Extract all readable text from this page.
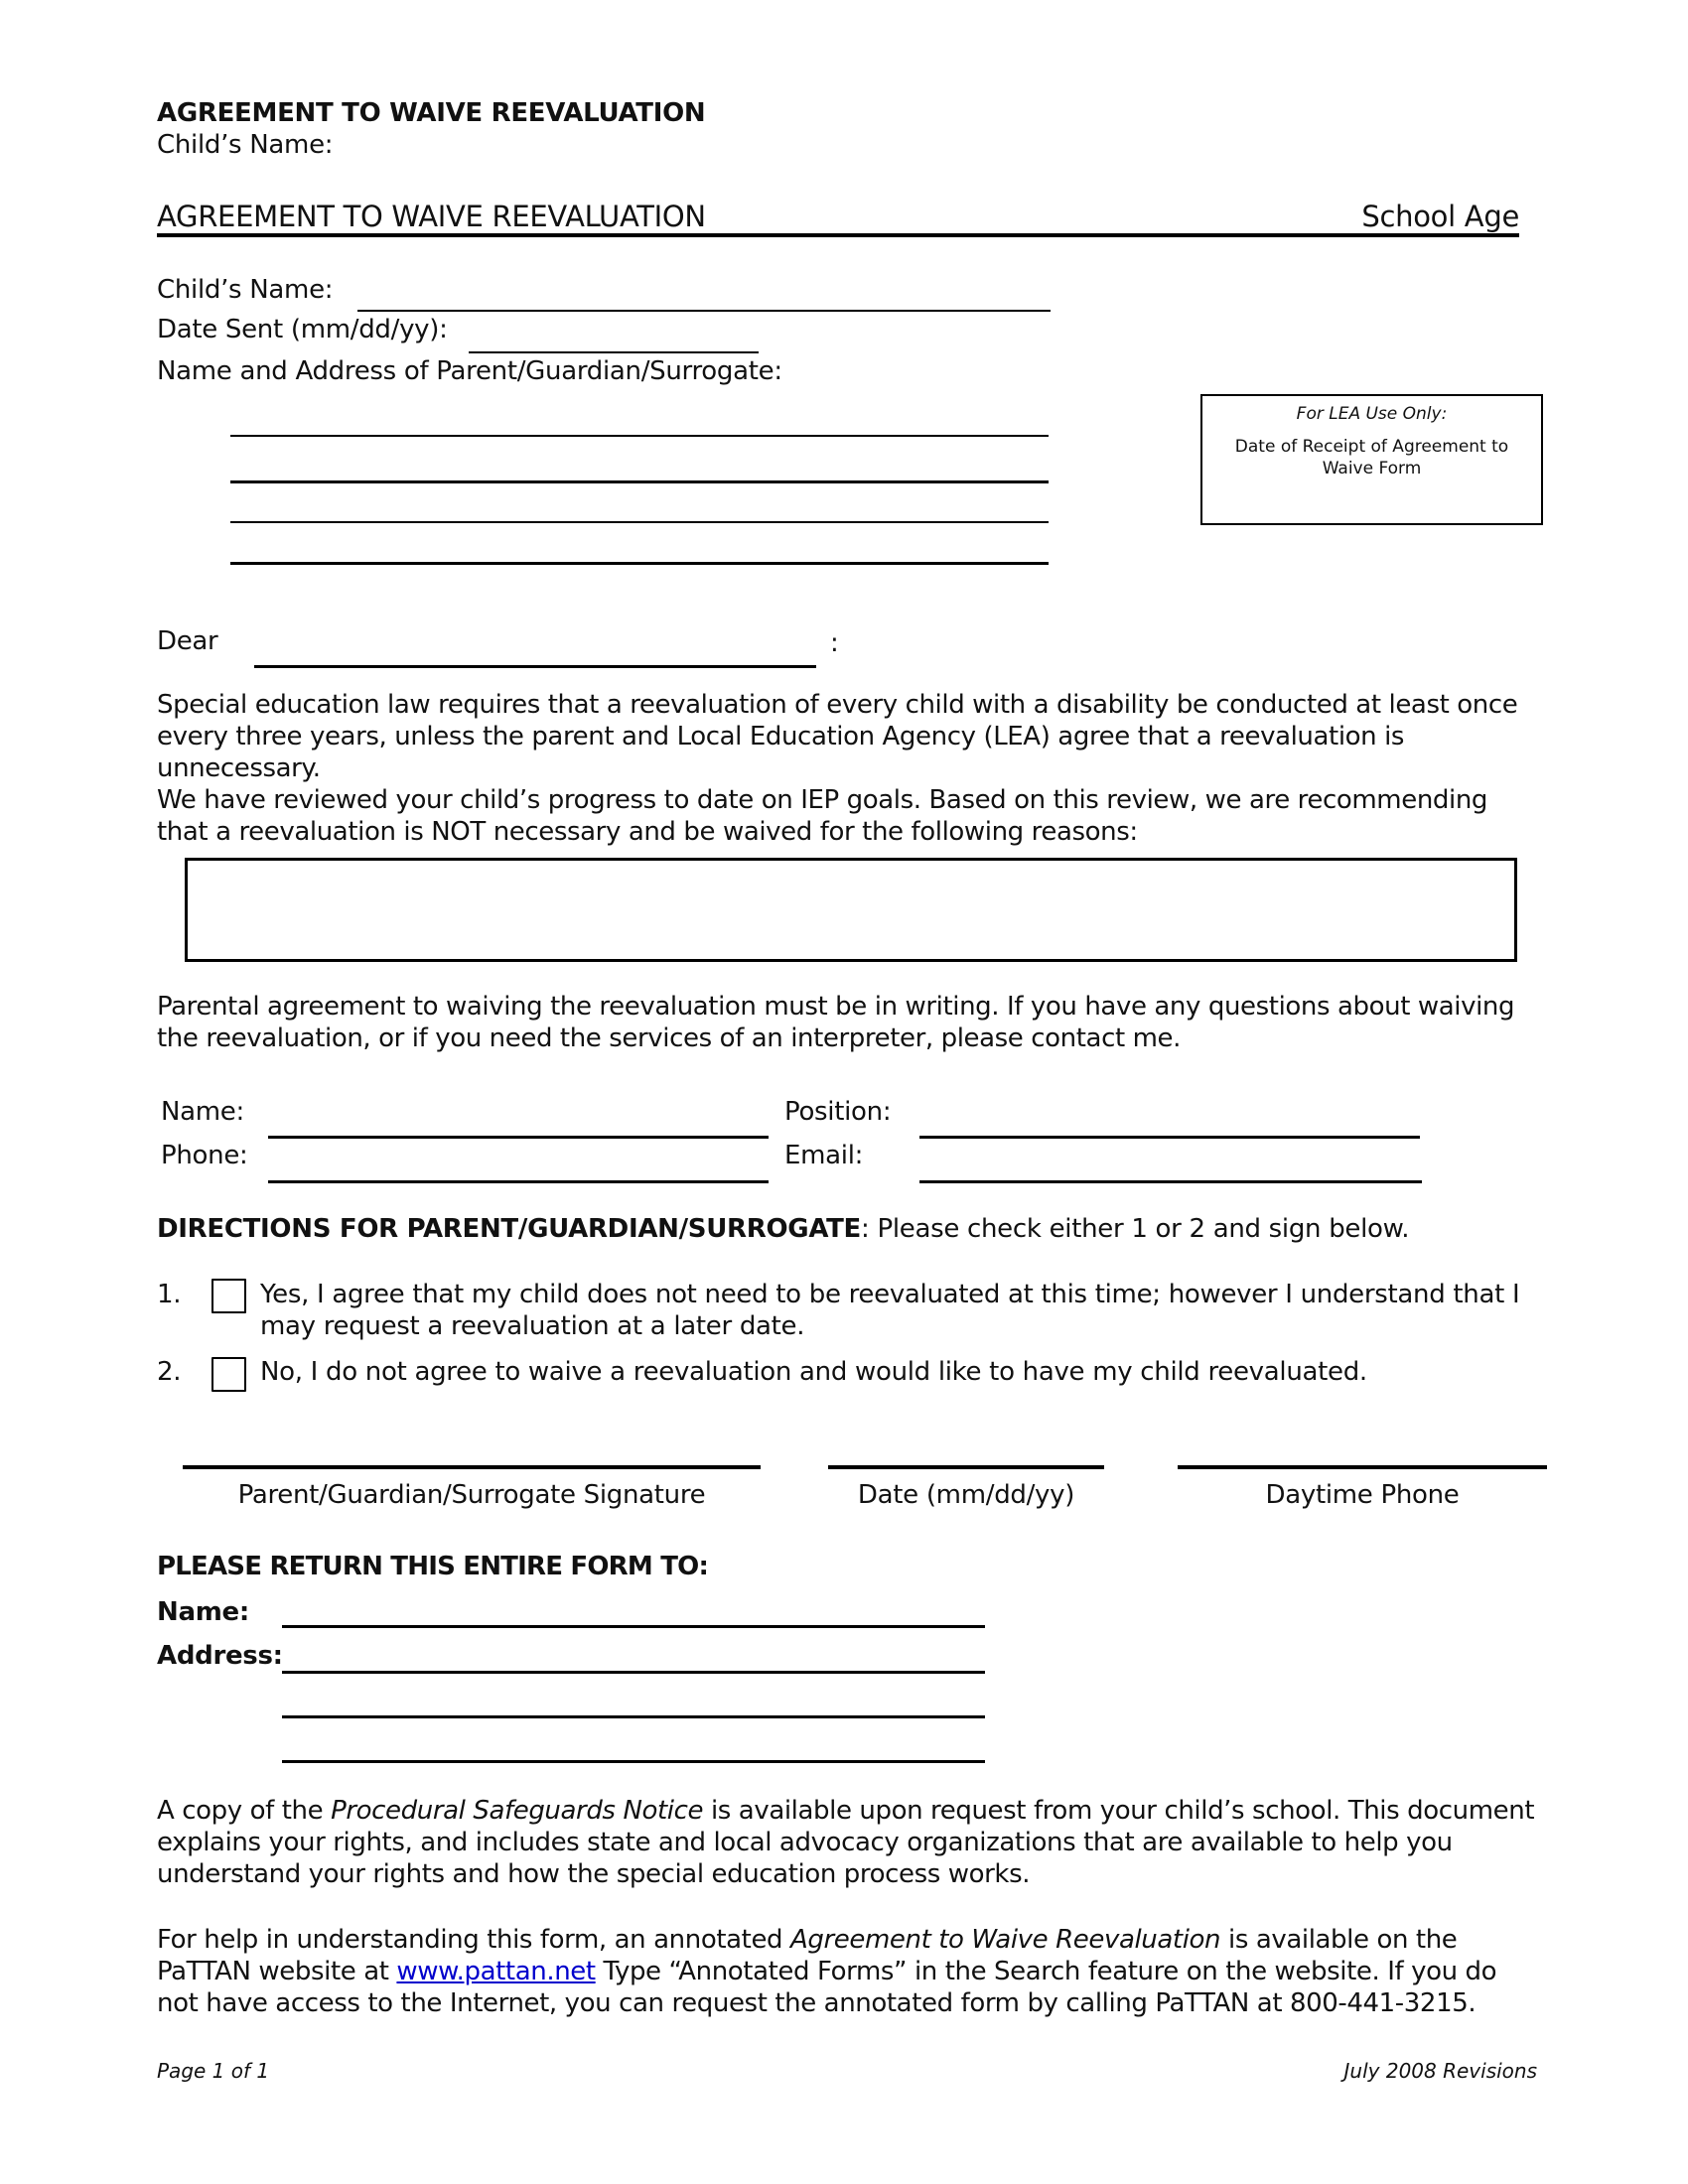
AGREEMENT TO WAIVE REEVALUATION
Child’s Name:
AGREEMENT TO WAIVE REEVALUATION	School Age
Child’s Name:
Date Sent (mm/dd/yy):
Name and Address of Parent/Guardian/Surrogate:
For LEA Use Only:
Date of Receipt of Agreement to
Waive Form
Dear	:
Special education law requires that a reevaluation of every child with a disability be conducted at least once every three years, unless the parent and Local Education Agency (LEA) agree that a reevaluation is unnecessary.
We have reviewed your child’s progress to date on IEP goals. Based on this review, we are recommending that a reevaluation is NOT necessary and be waived for the following reasons:
Parental agreement to waiving the reevaluation must be in writing. If you have any questions about waiving the reevaluation, or if you need the services of an interpreter, please contact me.
Name:	Position:
Phone:	Email:
DIRECTIONS FOR PARENT/GUARDIAN/SURROGATE: Please check either 1 or 2 and sign below.
1.	Yes, I agree that my child does not need to be reevaluated at this time; however I understand that I
may request a reevaluation at a later date.
2.	No, I do not agree to waive a reevaluation and would like to have my child reevaluated.
Parent/Guardian/Surrogate Signature	Date (mm/dd/yy)	Daytime Phone
PLEASE RETURN THIS ENTIRE FORM TO:
Name:
Address:
A copy of the Procedural Safeguards Notice is available upon request from your child’s school. This document explains your rights, and includes state and local advocacy organizations that are available to help you understand your rights and how the special education process works.
For help in understanding this form, an annotated Agreement to Waive Reevaluation is available on the PaTTAN website at www.pattan.net Type “Annotated Forms” in the Search feature on the website. If you do not have access to the Internet, you can request the annotated form by calling PaTTAN at 800-441-3215.
Page 1 of 1	July 2008 Revisions
